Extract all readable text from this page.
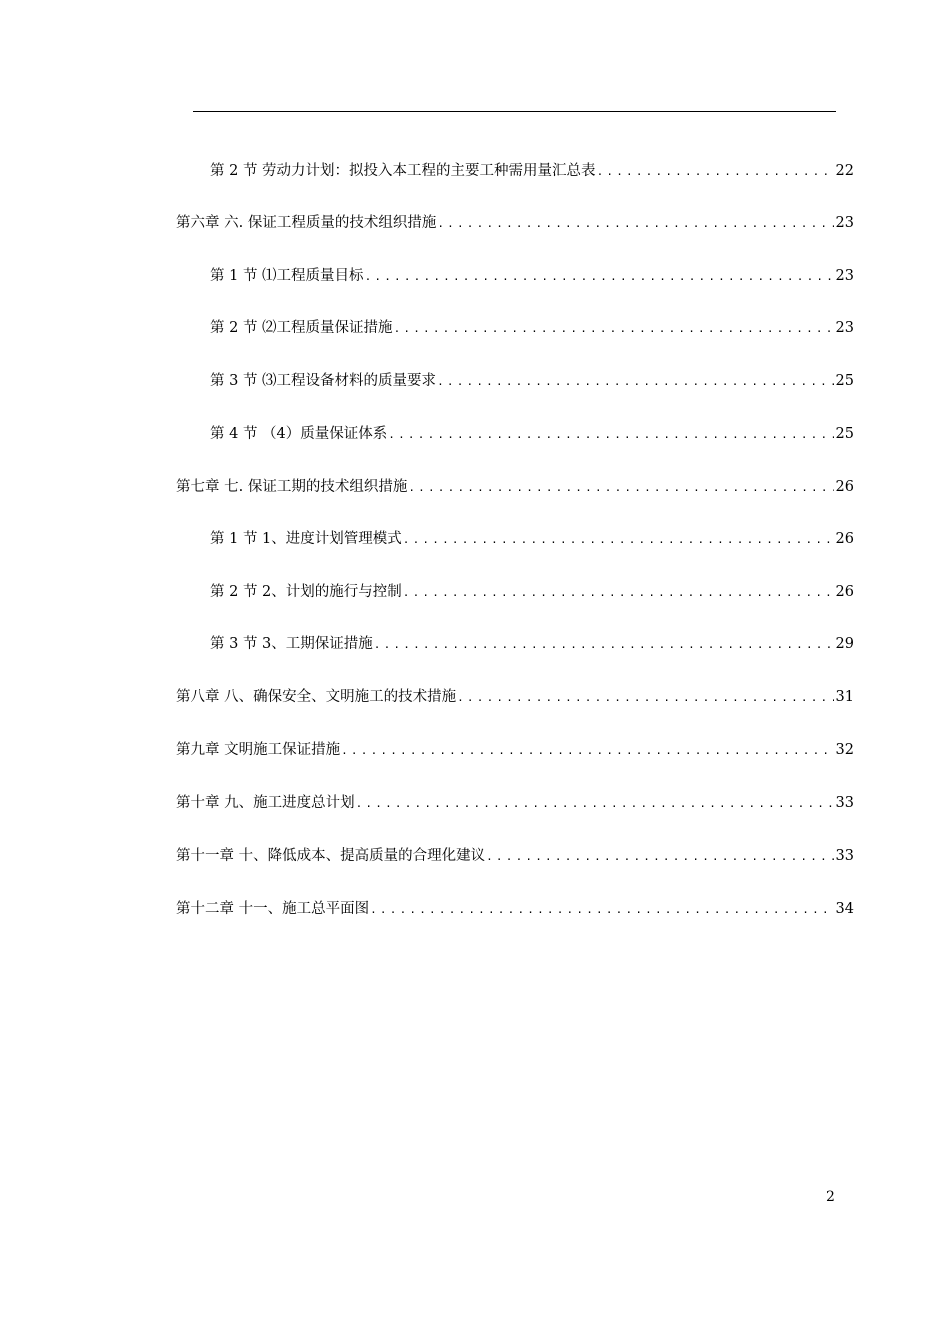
第 2 节 劳动力计划：拟投入本工程的主要工种需用量汇总表 .....	22
第六章 六. 保证工程质量的技术组织措施 .....	23
第 1 节 ⑴工程质量目标 .....	23
第 2 节 ⑵工程质量保证措施 .....	23
第 3 节 ⑶工程设备材料的质量要求 .....	25
第 4 节 （4）质量保证体系 .....	25
第七章 七. 保证工期的技术组织措施 .....	26
第 1 节 1、进度计划管理模式 .....	26
第 2 节 2、计划的施行与控制 .....	26
第 3 节 3、工期保证措施 .....	29
第八章 八、确保安全、文明施工的技术措施 .....	31
第九章 文明施工保证措施 .....	32
第十章 九、施工进度总计划 .....	33
第十一章 十、降低成本、提高质量的合理化建议 .....	33
第十二章 十一、施工总平面图 .....	34
2
